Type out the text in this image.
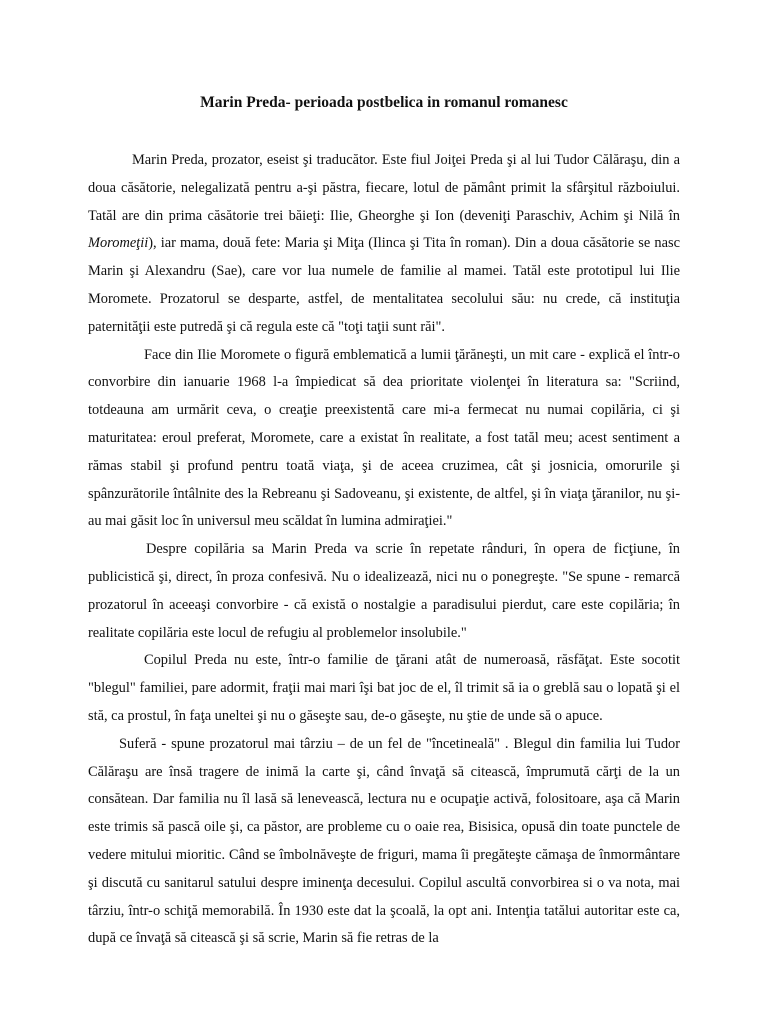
Marin Preda- perioada postbelica in romanul romanesc

Marin Preda, prozator, eseist şi traducător. Este fiul Joiţei Preda şi al lui Tudor Călăraşu, din a doua căsătorie, nelegalizată pentru a-şi păstra, fiecare, lotul de pământ primit la sfârşitul războiului. Tatăl are din prima căsătorie trei băieţi: Ilie, Gheorghe şi Ion (deveniţi Paraschiv, Achim şi Nilă în Moromeţii), iar mama, două fete: Maria şi Miţa (Ilinca şi Tita în roman). Din a doua căsătorie se nasc Marin şi Alexandru (Sae), care vor lua numele de familie al mamei. Tatăl este prototipul lui Ilie Moromete. Prozatorul se desparte, astfel, de mentalitatea secolului său: nu crede, că instituţia paternităţii este putredă şi că regula este că "toţi taţii sunt răi".

Face din Ilie Moromete o figură emblematică a lumii ţărăneşti, un mit care - explică el într-o convorbire din ianuarie 1968 l-a împiedicat să dea prioritate violenţei în literatura sa: "Scriind, totdeauna am urmărit ceva, o creaţie preexistentă care mi-a fermecat nu numai copilăria, ci şi maturitatea: eroul preferat, Moromete, care a existat în realitate, a fost tatăl meu; acest sentiment a rămas stabil şi profund pentru toată viaţa, şi de aceea cruzimea, cât şi josnicia, omorurile şi spânzurătorile întâlnite des la Rebreanu şi Sadoveanu, şi existente, de altfel, şi în viaţa ţăranilor, nu şi-au mai găsit loc în universul meu scăldat în lumina admiraţiei."

Despre copilăria sa Marin Preda va scrie în repetate rânduri, în opera de ficţiune, în publicistică şi, direct, în proza confesivă. Nu o idealizează, nici nu o ponegreşte. "Se spune - remarcă prozatorul în aceeaşi convorbire - că există o nostalgie a paradisului pierdut, care este copilăria; în realitate copilăria este locul de refugiu al problemelor insolubile."

Copilul Preda nu este, într-o familie de ţărani atât de numeroasă, răsfăţat. Este socotit "blegul" familiei, pare adormit, fraţii mai mari îşi bat joc de el, îl trimit să ia o greblă sau o lopată şi el stă, ca prostul, în faţa uneltei şi nu o găseşte sau, de-o găseşte, nu ştie de unde să o apuce.

Suferă - spune prozatorul mai târziu – de un fel de "încetineală" . Blegul din familia lui Tudor Călăraşu are însă tragere de inimă la carte şi, când învaţă să citească, împrumută cărţi de la un consătean. Dar familia nu îl lasă să lenevească, lectura nu e ocupaţie activă, folositoare, aşa că Marin este trimis să pască oile şi, ca păstor, are probleme cu o oaie rea, Bisisica, opusă din toate punctele de vedere mitului mioritic. Când se îmbolnăveşte de friguri, mama îi pregăteşte cămaşa de înmormântare şi discută cu sanitarul satului despre iminenţa decesului. Copilul ascultă convorbirea si o va nota, mai târziu, într-o schiţă memorabilă. În 1930 este dat la şcoală, la opt ani. Intenţia tatălui autoritar este ca, după ce învaţă să citească şi să scrie, Marin să fie retras de la
